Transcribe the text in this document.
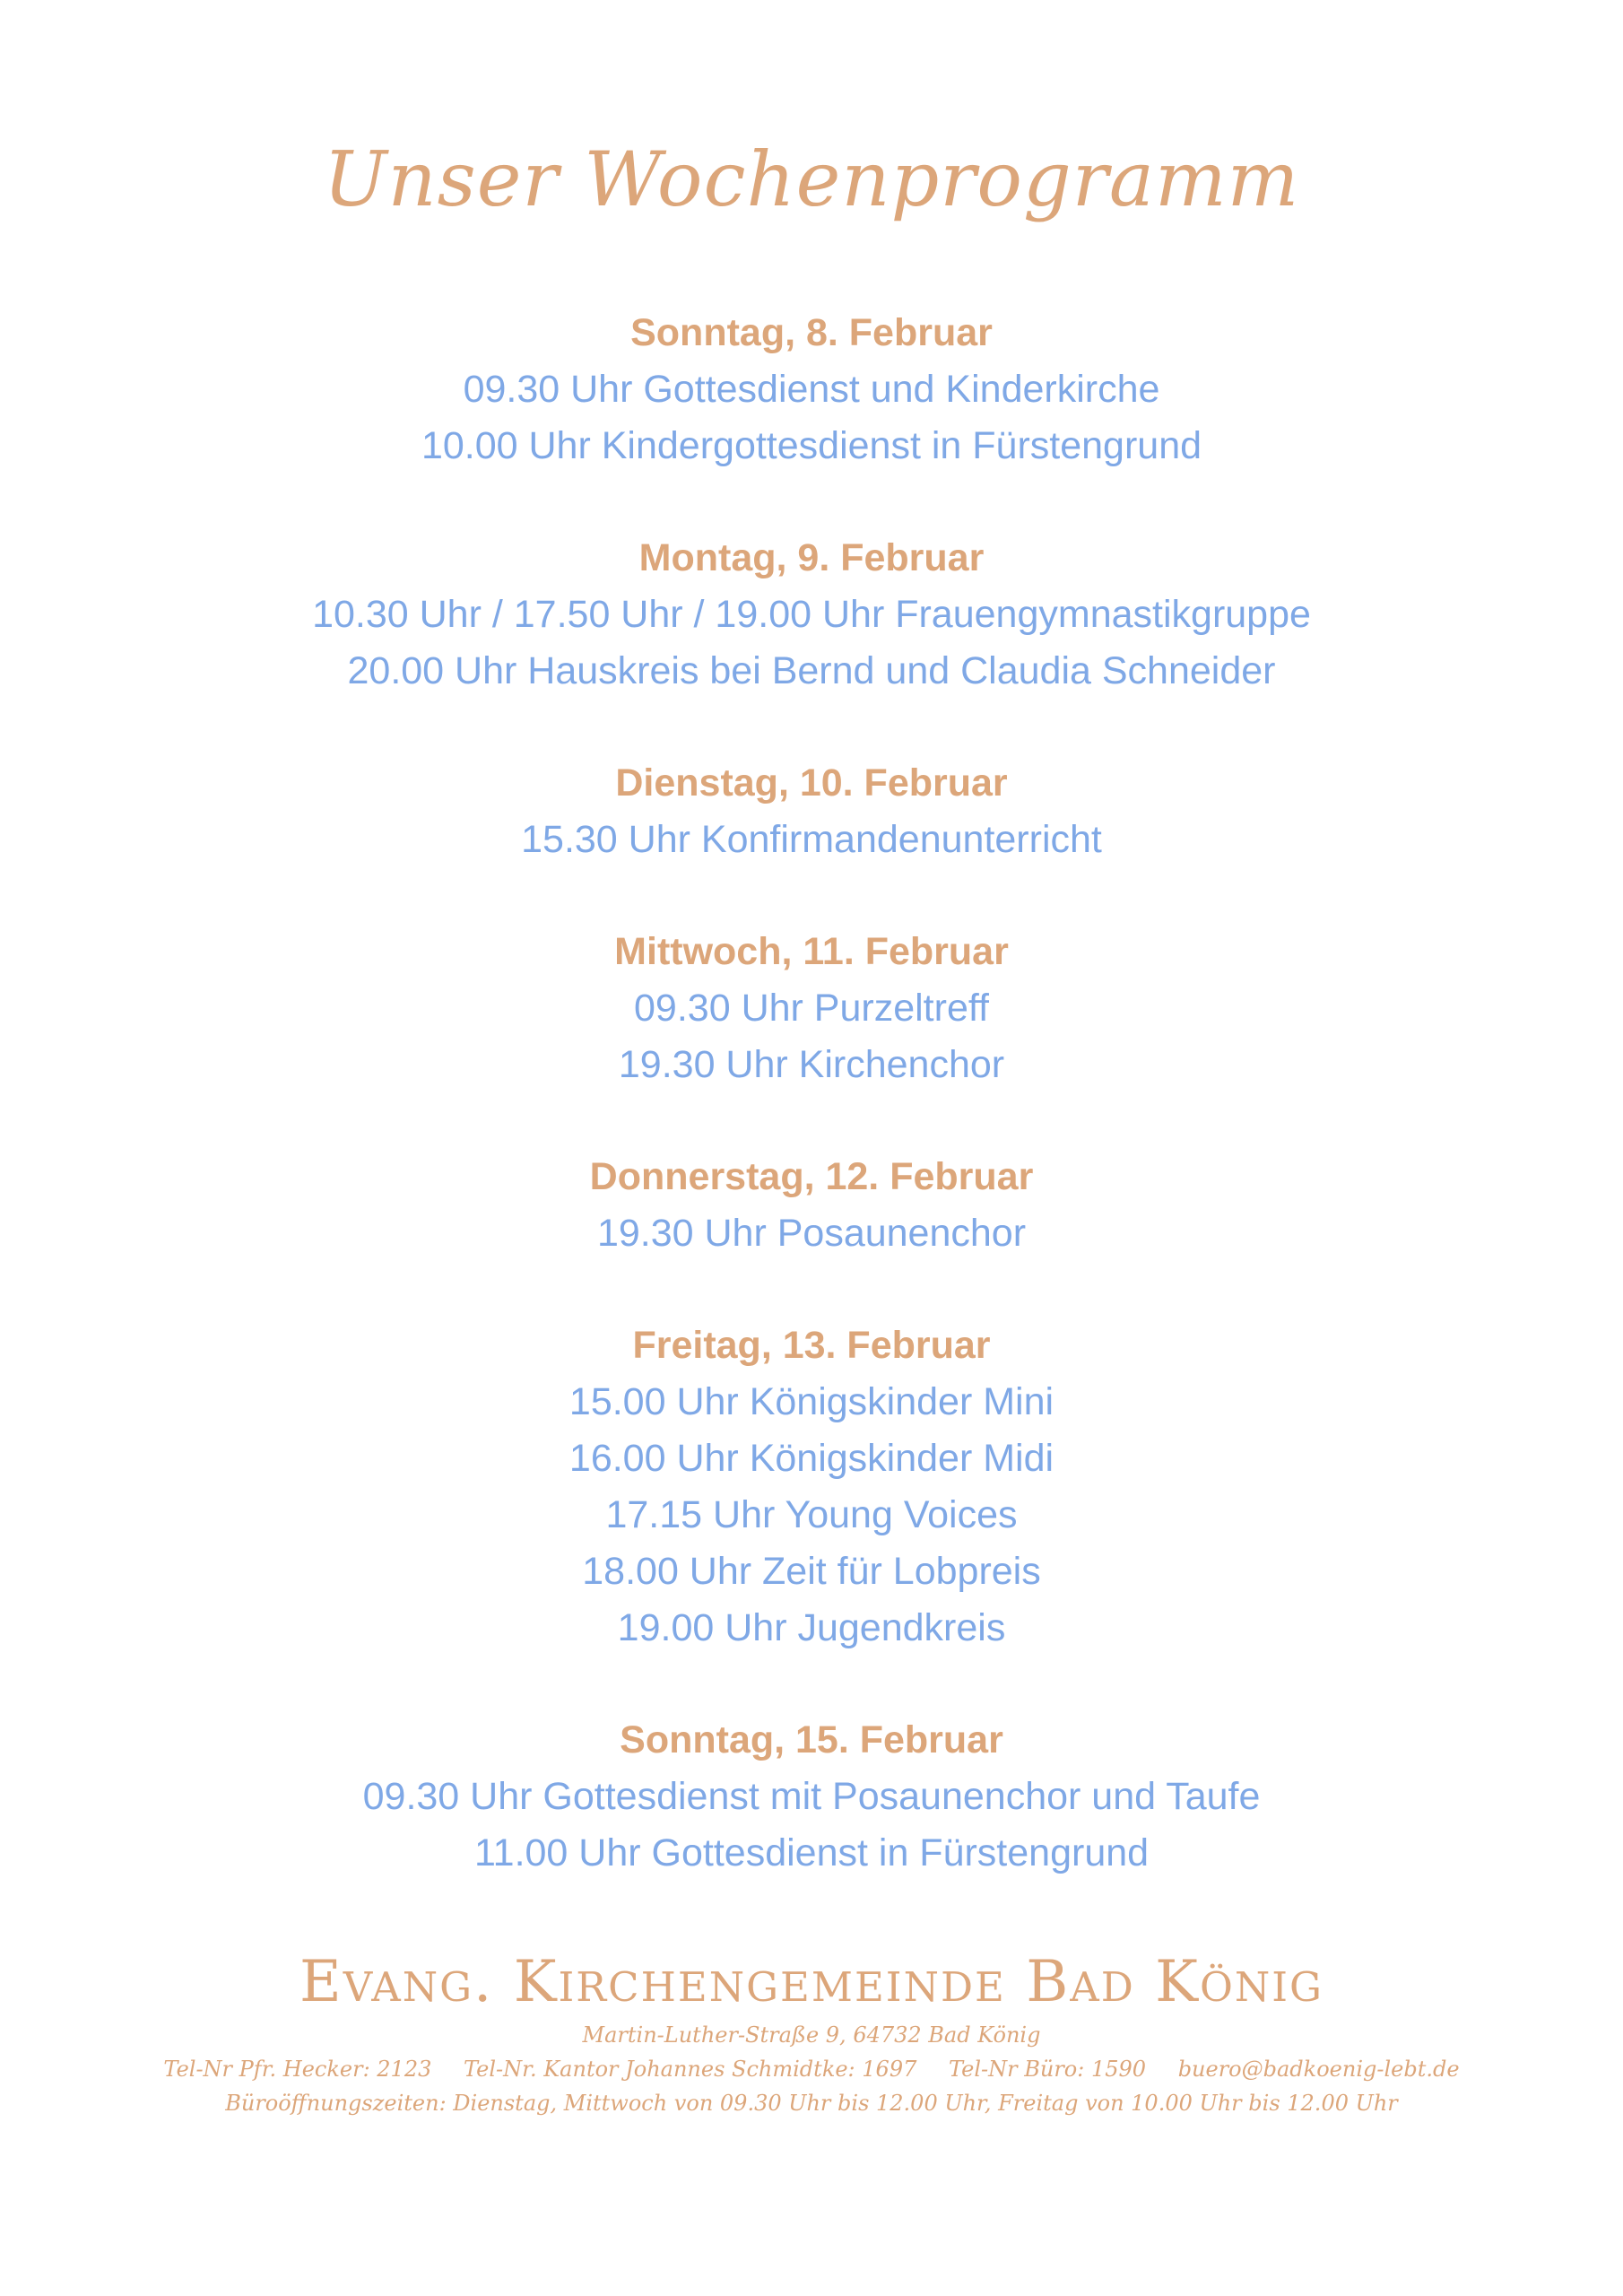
Unser Wochenprogramm
Sonntag, 8. Februar
09.30 Uhr Gottesdienst und Kinderkirche
10.00 Uhr Kindergottesdienst in Fürstengrund
Montag, 9. Februar
10.30 Uhr / 17.50 Uhr / 19.00 Uhr Frauengymnastikgruppe
20.00 Uhr Hauskreis bei Bernd und Claudia Schneider
Dienstag, 10. Februar
15.30 Uhr Konfirmandenunterricht
Mittwoch, 11. Februar
09.30 Uhr Purzeltreff
19.30 Uhr Kirchenchor
Donnerstag, 12. Februar
19.30 Uhr Posaunenchor
Freitag, 13. Februar
15.00 Uhr Königskinder Mini
16.00 Uhr Königskinder Midi
17.15 Uhr Young Voices
18.00 Uhr Zeit für Lobpreis
19.00 Uhr Jugendkreis
Sonntag, 15. Februar
09.30 Uhr Gottesdienst mit Posaunenchor und Taufe
11.00 Uhr Gottesdienst in Fürstengrund
Evang. Kirchengemeinde Bad König
Martin-Luther-Straße 9, 64732 Bad König
Tel-Nr Pfr. Hecker: 2123 Tel-Nr. Kantor Johannes Schmidtke: 1697 Tel-Nr Büro: 1590 buero@badkoenig-lebt.de
Büroöffnungszeiten: Dienstag, Mittwoch von 09.30 Uhr bis 12.00 Uhr, Freitag von 10.00 Uhr bis 12.00 Uhr
